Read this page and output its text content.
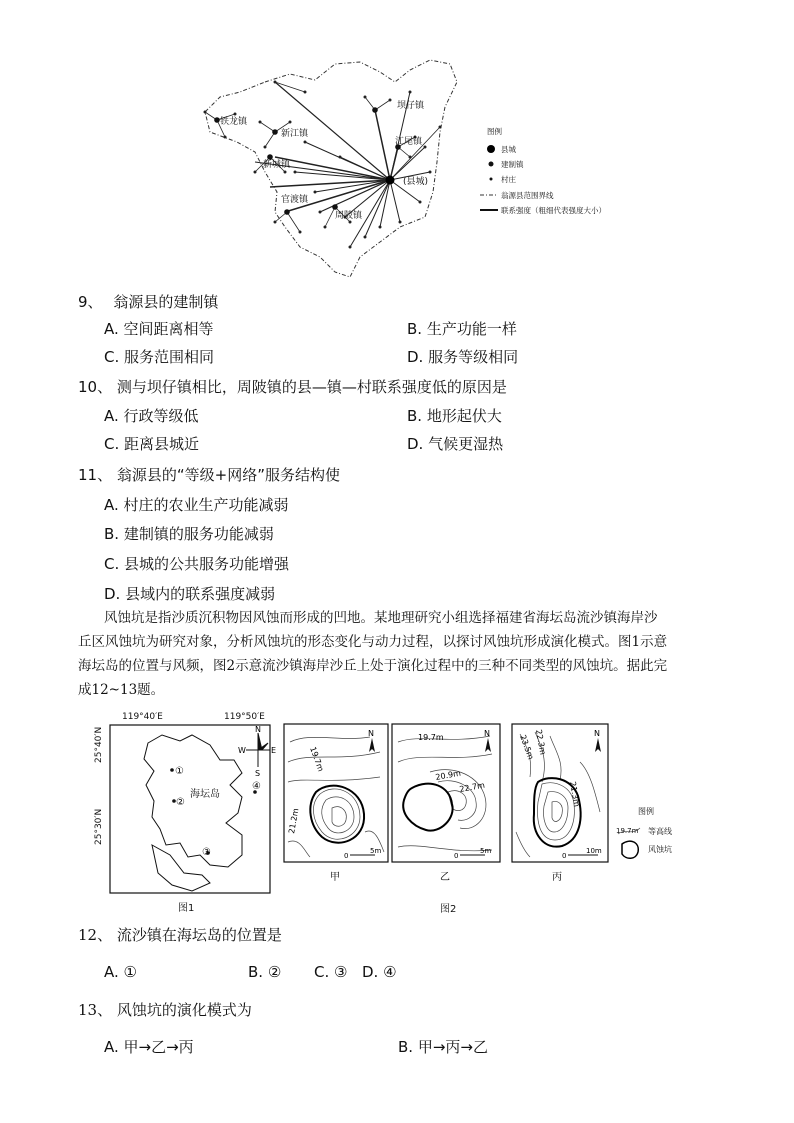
铁龙镇
新江镇
新城镇
官渡镇
周陂镇
坝仔镇
江尾镇
(县城)
图例
县城
建制镇
村庄
翁源县范围界线
联系强度（粗细代表强度大小）
9、 翁源县的建制镇
A. 空间距离相等	B. 生产功能一样
C. 服务范围相同	D. 服务等级相同
10、 测与坝仔镇相比，周陂镇的县—镇—村联系强度低的原因是
A. 行政等级低	B. 地形起伏大
C. 距离县城近	D. 气候更湿热
11、 翁源县的“等级+网络”服务结构使
A. 村庄的农业生产功能减弱
B. 建制镇的服务功能减弱
C. 县城的公共服务功能增强
D. 县域内的联系强度减弱
风蚀坑是指沙质沉积物因风蚀而形成的凹地。某地理研究小组选择福建省海坛岛流沙镇海岸沙
丘区风蚀坑为研究对象，分析风蚀坑的形态变化与动力过程，以探讨风蚀坑形成演化模式。图1示意
海坛岛的位置与风频，图2示意流沙镇海岸沙丘上处于演化过程中的三种不同类型的风蚀坑。据此完
成12~13题。
119°40′E	119°50′E
25°40′N
25°30′N
N
S
W	E
①
②
③
④
海坛岛
图1
19.7m
21.2m
N
0
5m
甲
19.7m
20.9m
22.7m
N
0
5m
乙
23.5m
22.3m
21.3m
N
0
10m
丙
图例
19.7m 等高线
风蚀坑
图2
12、 流沙镇在海坛岛的位置是
A. ①	B. ② C. ③ D. ④
13、 风蚀坑的演化模式为
A. 甲→乙→丙	B. 甲→丙→乙
